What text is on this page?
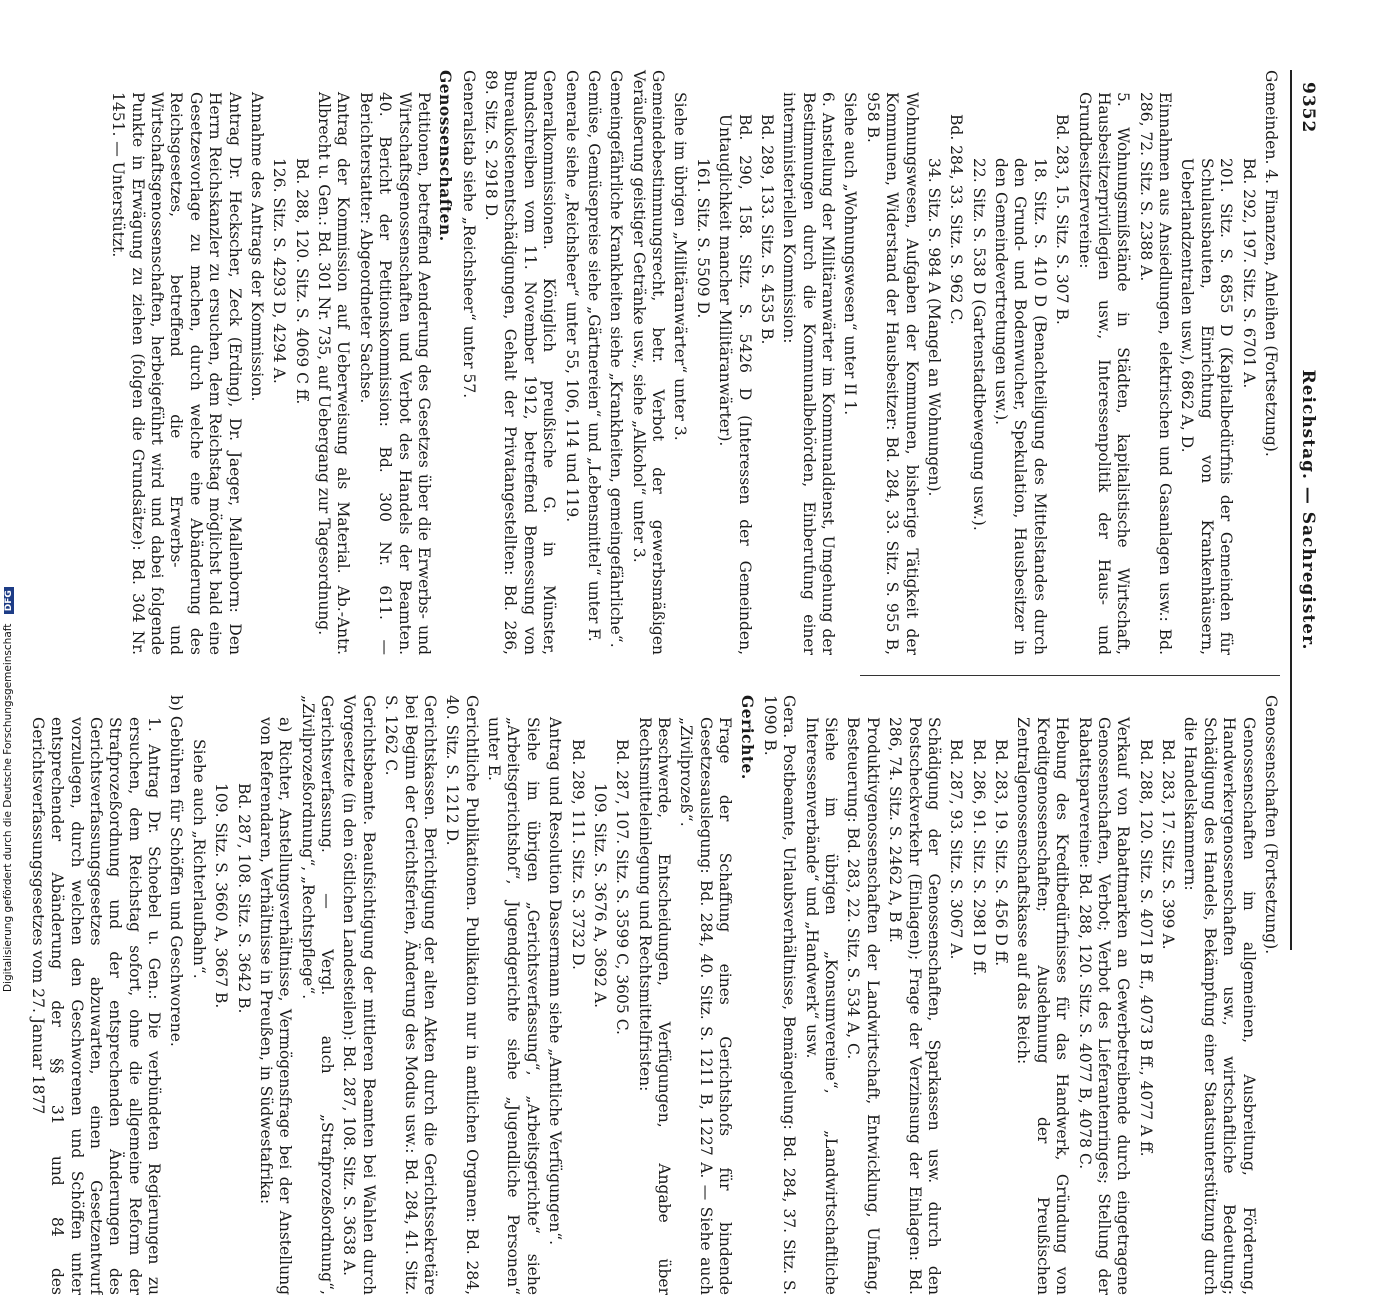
Digitalisierung gefördert durch die Deutsche Forschungsgemeinschaft DFG
9352
Reichstag. — Sachregister.

Gemeinden. 4. Finanzen, Anleihen (Fortsetzung).

Bd. 292, 197. Sitz. S. 6701 A.

201. Sitz. S. 6855 D (Kapitalbedürfnis der Gemeinden für Schulausbauten, Einrichtung von Krankenhäusern, Ueberlandzentralen usw.), 6862 A, D.

Einnahmen aus Ansiedlungen, elektrischen und Gasanlagen usw.: Bd. 286, 72. Sitz. S. 2388 A.

5. Wohnungsmißstände in Städten, kapitalistische Wirtschaft, Hausbesitzerprivilegien usw., Interessenpolitik der Haus- und Grundbesitzervereine:

Bd. 283, 15. Sitz. S. 307 B.

18. Sitz. S. 410 D (Benachteiligung des Mittelstandes durch den Grund- und Bodenwucher, Spekulation, Hausbesitzer in den Gemeindevertretungen usw.).

22. Sitz. S. 538 D (Gartenstadtbewegung usw.).

Bd. 284, 33. Sitz. S. 962 C.

34. Sitz. S. 984 A (Mangel an Wohnungen).

Wohnungswesen, Aufgaben der Kommunen, bisherige Tätigkeit der Kommunen, Widerstand der Hausbesitzer: Bd. 284, 33. Sitz. S. 955 B, 958 B.

Siehe auch „Wohnungswesen“ unter II 1.

6. Anstellung der Militäranwärter im Kommunaldienst, Umgehung der Bestimmungen durch die Kommunalbehörden, Einberufung einer interministeriellen Kommission:

Bd. 289, 133. Sitz. S. 4535 B.

Bd. 290, 158. Sitz. S. 5426 D (Interessen der Gemeinden, Untauglichkeit mancher Militäranwärter).

161. Sitz. S. 5509 D.

Siehe im übrigen „Militäranwärter“ unter 3.

Gemeindebestimmungsrecht, betr. Verbot der gewerbsmäßigen Veräußerung geistiger Getränke usw., siehe „Alkohol“ unter 3.

Gemeingefährliche Krankheiten siehe „Krankheiten, gemeingefährliche“.

Gemüse, Gemüsepreise siehe „Gärtnereien“ und „Lebensmittel“ unter F.

Generale siehe „Reichsheer“ unter 55, 106, 114 und 119.

Generalkommissionen. Königlich preußische G. in Münster, Rundschreiben vom 11. November 1912, betreffend Bemessung von Bureaukostenentschädigungen, Gehalt der Privatangestellten: Bd. 286, 89. Sitz. S. 2918 D.

Generalstab siehe „Reichsheer“ unter 57.

Genossenschaften.

Petitionen, betreffend Aenderung des Gesetzes über die Erwerbs- und Wirtschaftsgenossenschaften und Verbot des Handels der Beamten. 40. Bericht der Petitionskommission: Bd. 300 Nr. 611. — Berichterstatter: Abgeordneter Sachse.

Antrag der Kommission auf Ueberweisung als Material. Ab.-Antr. Albrecht u. Gen.: Bd. 301 Nr. 735, auf Uebergang zur Tagesordnung.

Bd. 288, 120. Sitz. S. 4069 C ff.

126. Sitz. S. 4293 D, 4294 A.

Annahme des Antrags der Kommission.

Antrag Dr. Heckscher, Zeck (Erding), Dr. Jaeger, Mallenborn: Den Herrn Reichskanzler zu ersuchen, dem Reichstag möglichst bald eine Gesetzesvorlage zu machen, durch welche eine Abänderung des Reichsgesetzes, betreffend die Erwerbs- und Wirtschaftsgenossenschaften, herbeigeführt wird und dabei folgende Punkte in Erwägung zu ziehen (folgen die Grundsätze): Bd. 304 Nr. 1451. — Unterstützt.

Genossenschaften (Fortsetzung).

Genossenschaften im allgemeinen, Ausbreitung, Förderung, Handwerkergenossenschaften usw., wirtschaftliche Bedeutung; Schädigung des Handels, Bekämpfung einer Staatsunterstützung durch die Handelskammern:

Bd. 283, 17. Sitz. S. 399 A.

Bd. 288, 120. Sitz. S. 4071 B ff., 4073 B ff., 4077 A ff.

Verkauf von Rabattmarken an Gewerbetreibende durch eingetragene Genossenschaften, Verbot; Verbot des Lieferantenringes; Stellung der Rabattsparvereine: Bd. 288, 120. Sitz. S. 4077 B, 4078 C.

Hebung des Kreditbedürfnisses für das Handwerk, Gründung von Kreditgenossenschaften; Ausdehnung der Preußischen Zentralgenossenschaftskasse auf das Reich:

Bd. 283, 19. Sitz. S. 456 D ff.

Bd. 286, 91. Sitz. S. 2981 D ff.

Bd. 287, 93. Sitz. S. 3067 A.

Schädigung der Genossenschaften, Sparkassen usw. durch den Postscheckverkehr (Einlagen); Frage der Verzinsung der Einlagen: Bd. 286, 74. Sitz. S. 2462 A, B ff.

Produktivgenossenschaften der Landwirtschaft, Entwicklung, Umfang, Besteuerung: Bd. 283, 22. Sitz. S. 534 A, C.

Siehe im übrigen „Konsumvereine“, „Landwirtschaftliche Interessenverbände“ und „Handwerk“ usw.

Gera. Postbeamte, Urlaubsverhältnisse, Bemängelung: Bd. 284, 37. Sitz. S. 1090 B.

Gerichte.

Frage der Schaffung eines Gerichtshofs für bindende Gesetzesauslegung: Bd. 284, 40. Sitz. S. 1211 B, 1227 A. — Siehe auch „Zivilprozeß“.

Beschwerde, Entscheidungen, Verfügungen, Angabe über Rechtsmitteleinlegung und Rechtsmittelfristen:

Bd. 287, 107. Sitz. S. 3599 C, 3605 C.

109. Sitz. S. 3676 A, 3692 A.

Bd. 289, 111. Sitz. S. 3732 D.

Antrag und Resolution Dassermann siehe „Amtliche Verfügungen“.

Siehe im übrigen „Gerichtsverfassung“, „Arbeitsgerichte“ siehe „Arbeitsgerichtshof“, Jugendgerichte siehe „Jugendliche Personen“ unter E.

Gerichtliche Publikationen. Publikation nur in amtlichen Organen: Bd. 284, 40. Sitz. S. 1212 D.

Gerichtskassen. Berichtigung der alten Akten durch die Gerichtssekretäre bei Beginn der Gerichtsferien, Änderung des Modus usw.: Bd. 284, 41. Sitz. S. 1262 C.

Gerichtsbeamte. Beaufsichtigung der mittleren Beamten bei Wahlen durch Vorgesetzte (in den östlichen Landesteilen): Bd. 287, 108. Sitz. S. 3638 A.

Gerichtsverfassung. — Vergl. auch „Strafprozeßordnung“, „Zivilprozeßordnung“, „Rechtspflege“.

a) Richter, Anstellungsverhältnisse, Vermögensfrage bei der Anstellung von Referendaren, Verhältnisse in Preußen, in Südwestafrika:

Bd. 287, 108. Sitz. S. 3642 B.

109. Sitz. S. 3660 A, 3667 B.

Siehe auch „Richterlaufbahn“.

b) Gebühren für Schöffen und Geschworene.

1. Antrag Dr. Schoebel u. Gen.: Die verbündeten Regierungen zu ersuchen, dem Reichstag sofort, ohne die allgemeine Reform der Strafprozeßordnung und der entsprechenden Änderungen des Gerichtsverfassungsgesetzes abzuwarten, einen Gesetzentwurf vorzulegen, durch welchen den Geschworenen und Schöffen unter entsprechender Abänderung der §§ 31 und 84 des Gerichtsverfassungsgesetzes vom 27. Januar 1877
